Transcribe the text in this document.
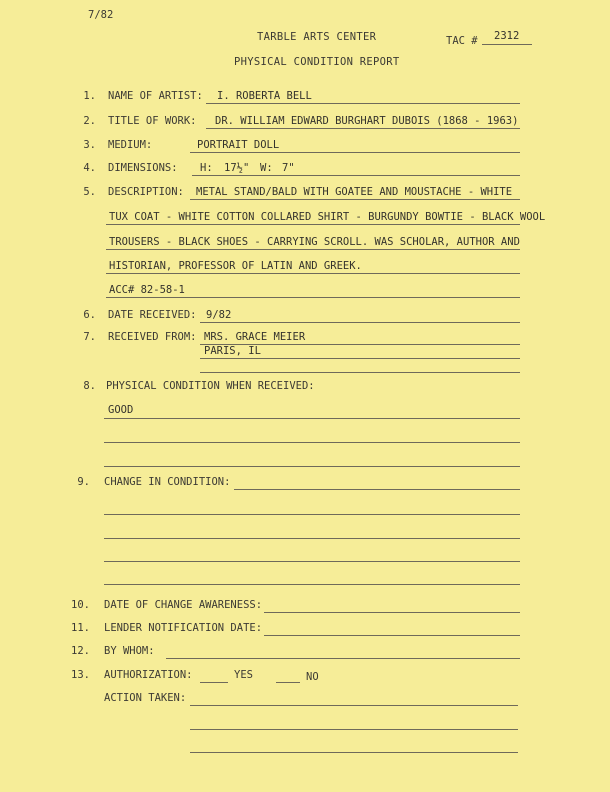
7/82
TARBLE ARTS CENTER	TAC # 2312
PHYSICAL CONDITION REPORT
1. NAME OF ARTIST: I. ROBERTA BELL
2. TITLE OF WORK: DR. WILLIAM EDWARD BURGHART DUBOIS (1868 - 1963)
3. MEDIUM:	PORTRAIT DOLL
4. DIMENSIONS: H: 17½" W: 7"
5. DESCRIPTION: METAL STAND/BALD WITH GOATEE AND MOUSTACHE - WHITE
TUX COAT - WHITE COTTON COLLARED SHIRT - BURGUNDY BOWTIE - BLACK WOOL
TROUSERS - BLACK SHOES - CARRYING SCROLL. WAS SCHOLAR, AUTHOR AND
HISTORIAN, PROFESSOR OF LATIN AND GREEK.
ACC# 82-58-1
6. DATE RECEIVED: 9/82
7. RECEIVED FROM: MRS. GRACE MEIER
PARIS, IL
8. PHYSICAL CONDITION WHEN RECEIVED:
GOOD
9. CHANGE IN CONDITION:
10. DATE OF CHANGE AWARENESS:
11. LENDER NOTIFICATION DATE:
12. BY WHOM:
13. AUTHORIZATION:	YES	NO
ACTION TAKEN:
